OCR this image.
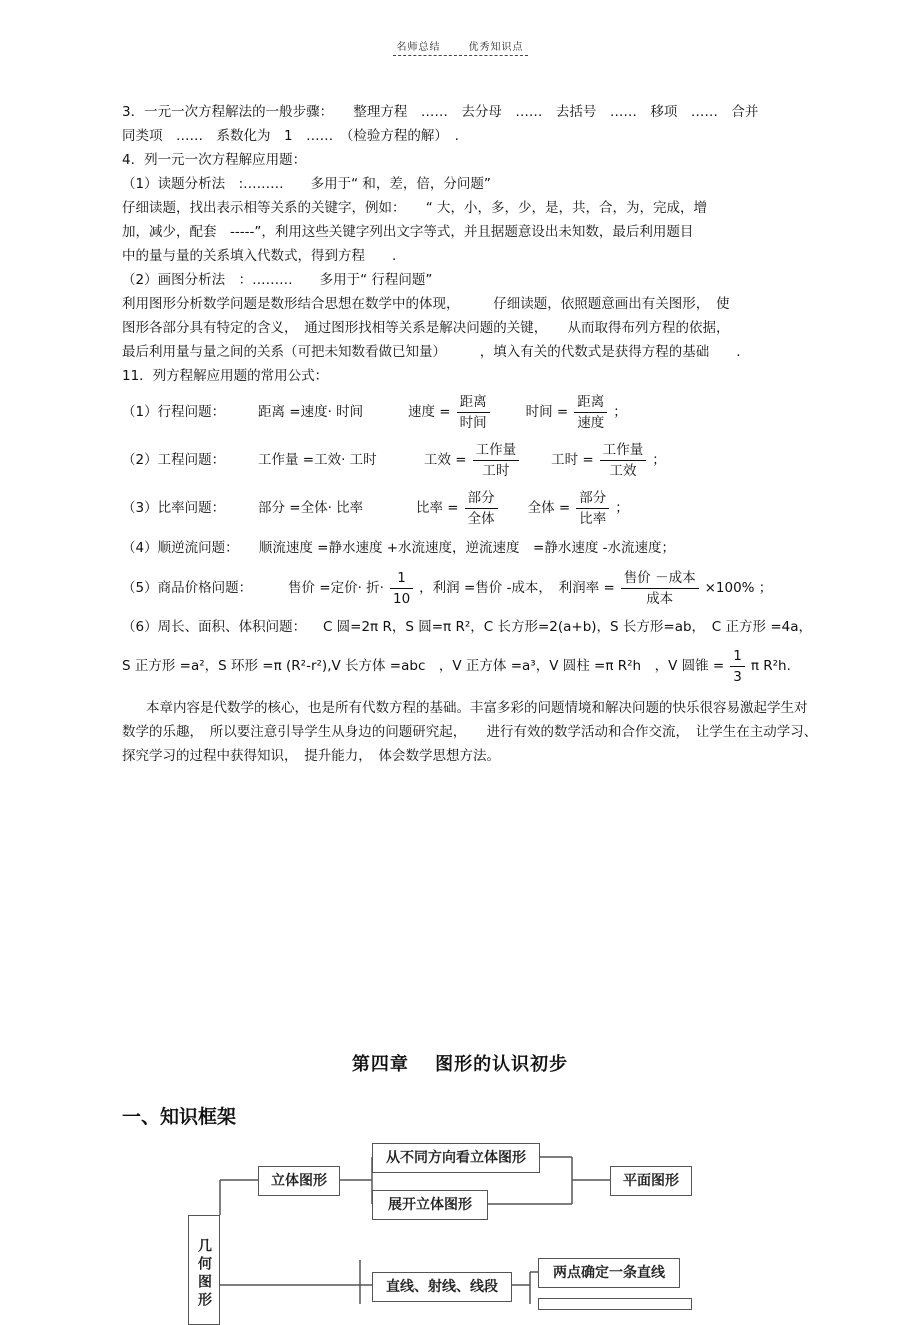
名师总结	优秀知识点

3．一元一次方程解法的一般步骤：　　整理方程　……　去分母　……　去括号　……　移项　……　合并

同类项　……　系数化为　1　……　（检验方程的解）　.

4．列一元一次方程解应用题：

（1）读题分析法　:………　　多用于“ 和，差，倍，分问题”

仔细读题，找出表示相等关系的关键字，例如：　　“ 大，小，多，少，是，共，合，为，完成，增

加，减少，配套　-----”，利用这些关键字列出文字等式，并且据题意设出未知数，最后利用题目

中的量与量的关系填入代数式，得到方程　　.

（2）画图分析法　：………　　多用于“ 行程问题”

利用图形分析数学问题是数形结合思想在数学中的体现，　　　仔细读题，依照题意画出有关图形，　使

图形各部分具有特定的含义，　通过图形找相等关系是解决问题的关键，　　从而取得布列方程的依据，

最后利用量与量之间的关系（可把未知数看做已知量）　　　，填入有关的代数式是获得方程的基础　　.

11．列方程解应用题的常用公式：

（1）行程问题：	距离 =速度· 时间	速度 = $\frac{\text{距离}}{\text{时间}}$	时间 = $\frac{\text{距离}}{\text{速度}}$ ；
（2）工程问题：	工作量 =工效· 工时	工效 = $\frac{\text{工作量}}{\text{工时}}$ 工时 = $\frac{\text{工作量}}{\text{工效}}$ ；
（3）比率问题：	部分 =全体· 比率	比率 = $\frac{\text{部分}}{\text{全体}}$ 全体 = $\frac{\text{部分}}{\text{比率}}$ ；

（4）顺逆流问题：　　顺流速度 =静水速度 +水流速度，逆流速度　=静水速度 -水流速度；

（5）商品价格问题：	售价 =定价· 折· $\frac{1}{10}$ ，利润 =售价 -成本，　利润率 = $\frac{\text{售价 －成本}}{\text{成本}} \times 100\%$ ；
（6）周长、面积、体积问题：	C 圆=2π R，S 圆=π R²，C 长方形=2(a+b)，S 长方形=ab，　C 正方形 =4a，
S 正方形 =a²，S 环形 =π (R²-r²),V 长方体 =abc　，V 正方体 =a³，V 圆柱 =π R²h　，V 圆锥 = $\frac{1}{3}$ π R²h.

本章内容是代数学的核心，也是所有代数方程的基础。丰富多彩的问题情境和解决问题的快乐很容易激起学生对数学的乐趣，　所以要注意引导学生从身边的问题研究起，　　进行有效的数学活动和合作交流，　让学生在主动学习、　探究学习的过程中获得知识，　提升能力，　体会数学思想方法。

第四章　 图形的认识初步
一、知识框架
几何图形
立体图形
从不同方向看立体图形
展开立体图形
平面图形
直线、射线、线段
两点确定一条直线
